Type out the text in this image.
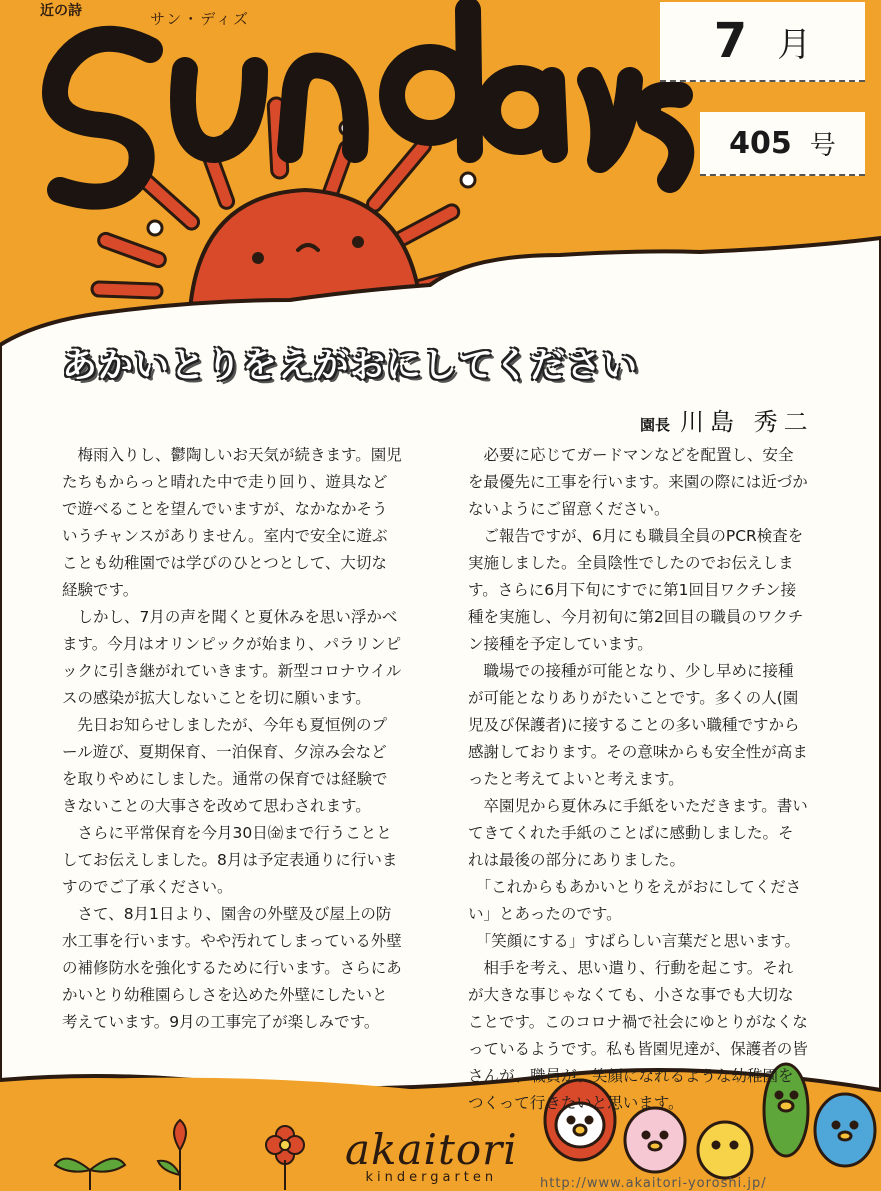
近の詩	サン・ディズ	7 月
405 号
あかいとりをえがおにしてください
園長 川島 秀二

梅雨入りし、鬱陶しいお天気が続きます。園児たちもからっと晴れた中で走り回り、遊具などで遊べることを望んでいますが、なかなかそういうチャンスがありません。室内で安全に遊ぶことも幼稚園では学びのひとつとして、大切な経験です。

しかし、7月の声を聞くと夏休みを思い浮かべます。今月はオリンピックが始まり、パラリンピックに引き継がれていきます。新型コロナウイルスの感染が拡大しないことを切に願います。

先日お知らせしましたが、今年も夏恒例のプール遊び、夏期保育、一泊保育、夕涼み会などを取りやめにしました。通常の保育では経験できないことの大事さを改めて思わされます。

さらに平常保育を今月30日㈮まで行うこととしてお伝えしました。8月は予定表通りに行いますのでご了承ください。

さて、8月1日より、園舎の外壁及び屋上の防水工事を行います。やや汚れてしまっている外壁の補修防水を強化するために行います。さらにあかいとり幼稚園らしさを込めた外壁にしたいと考えています。9月の工事完了が楽しみです。

必要に応じてガードマンなどを配置し、安全を最優先に工事を行います。来園の際には近づかないようにご留意ください。

ご報告ですが、6月にも職員全員のPCR検査を実施しました。全員陰性でしたのでお伝えします。さらに6月下旬にすでに第1回目ワクチン接種を実施し、今月初旬に第2回目の職員のワクチン接種を予定しています。

職場での接種が可能となり、少し早めに接種が可能となりありがたいことです。多くの人(園児及び保護者)に接することの多い職種ですから感謝しております。その意味からも安全性が高まったと考えてよいと考えます。

卒園児から夏休みに手紙をいただきます。書いてきてくれた手紙のことばに感動しました。それは最後の部分にありました。

「これからもあかいとりをえがおにしてください」とあったのです。

「笑顔にする」すばらしい言葉だと思います。

相手を考え、思い遣り、行動を起こす。それが大きな事じゃなくても、小さな事でも大切なことです。このコロナ禍で社会にゆとりがなくなっているようです。私も皆園児達が、保護者の皆さんが、職員が、笑顔になれるような幼稚園をつくって行きたいと思います。

akaitori
kindergarten	http://www.akaitori-yoroshi.jp/
